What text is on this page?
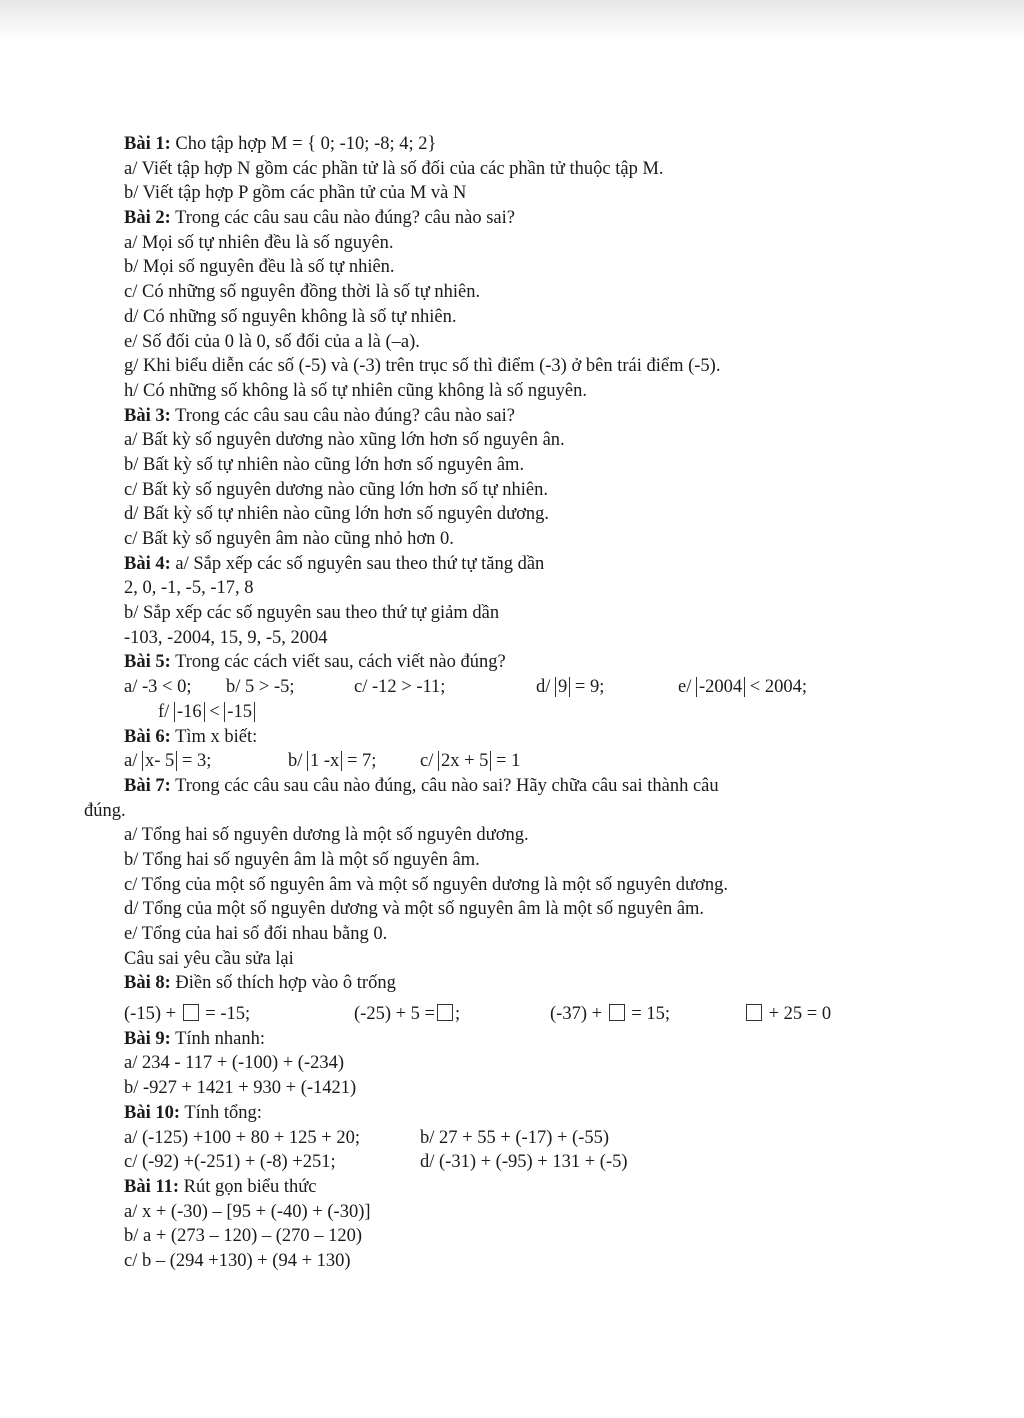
Bài 1: Cho tập hợp M = { 0; -10; -8; 4; 2}
a/ Viết tập hợp N gồm các phần tử là số đối của các phần tử thuộc tập M.
b/ Viết tập hợp P gồm các phần tử của M và N
Bài 2: Trong các câu sau câu nào đúng? câu nào sai?
a/ Mọi số tự nhiên đều là số nguyên.
b/ Mọi số nguyên đều là số tự nhiên.
c/ Có những số nguyên đồng thời là số tự nhiên.
d/ Có những số nguyên không là số tự nhiên.
e/ Số đối của 0 là 0, số đối của a là (–a).
g/ Khi biểu diễn các số (-5) và (-3) trên trục số thì điểm (-3) ở bên trái điểm (-5).
h/ Có những số không là số tự nhiên cũng không là số nguyên.
Bài 3: Trong các câu sau câu nào đúng? câu nào sai?
a/ Bất kỳ số nguyên dương nào xũng lớn hơn số nguyên ân.
b/ Bất kỳ số tự nhiên nào cũng lớn hơn số nguyên âm.
c/ Bất kỳ số nguyên dương nào cũng lớn hơn số tự nhiên.
d/ Bất kỳ số tự nhiên nào cũng lớn hơn số nguyên dương.
c/ Bất kỳ số nguyên âm nào cũng nhỏ hơn 0.
Bài 4: a/ Sắp xếp các số nguyên sau theo thứ tự tăng dần
2, 0, -1, -5, -17, 8
b/ Sắp xếp các số nguyên sau theo thứ tự giảm dần
-103, -2004, 15, 9, -5, 2004
Bài 5: Trong các cách viết sau, cách viết nào đúng?
a/ -3 < 0; b/ 5 > -5;	c/ -12 > -11;	d/ 9 = 9;	e/ -2004 < 2004;
f/ -16 < -15
Bài 6: Tìm x biết:
a/ x- 5 = 3;	b/ 1 -x = 7; c/ 2x + 5 = 1
Bài 7: Trong các câu sau câu nào đúng, câu nào sai? Hãy chữa câu sai thành câu
đúng.
a/ Tổng hai số nguyên dương là một số nguyên dương.
b/ Tổng hai số nguyên âm là một số nguyên âm.
c/ Tổng của một số nguyên âm và một số nguyên dương là một số nguyên dương.
d/ Tổng của một số nguyên dương và một số nguyên âm là một số nguyên âm.
e/ Tổng của hai số đối nhau bằng 0.
Câu sai yêu cầu sửa lại
Bài 8: Điền số thích hợp vào ô trống
(-15) + = -15;	(-25) + 5 = ;	(-37) + = 15;	+ 25 = 0
Bài 9: Tính nhanh:
a/ 234 - 117 + (-100) + (-234)
b/ -927 + 1421 + 930 + (-1421)
Bài 10: Tính tổng:
a/ (-125) +100 + 80 + 125 + 20;	b/ 27 + 55 + (-17) + (-55)
c/ (-92) +(-251) + (-8) +251;	d/ (-31) + (-95) + 131 + (-5)
Bài 11: Rút gọn biểu thức
a/ x + (-30) – [95 + (-40) + (-30)]
b/ a + (273 – 120) – (270 – 120)
c/ b – (294 +130) + (94 + 130)
